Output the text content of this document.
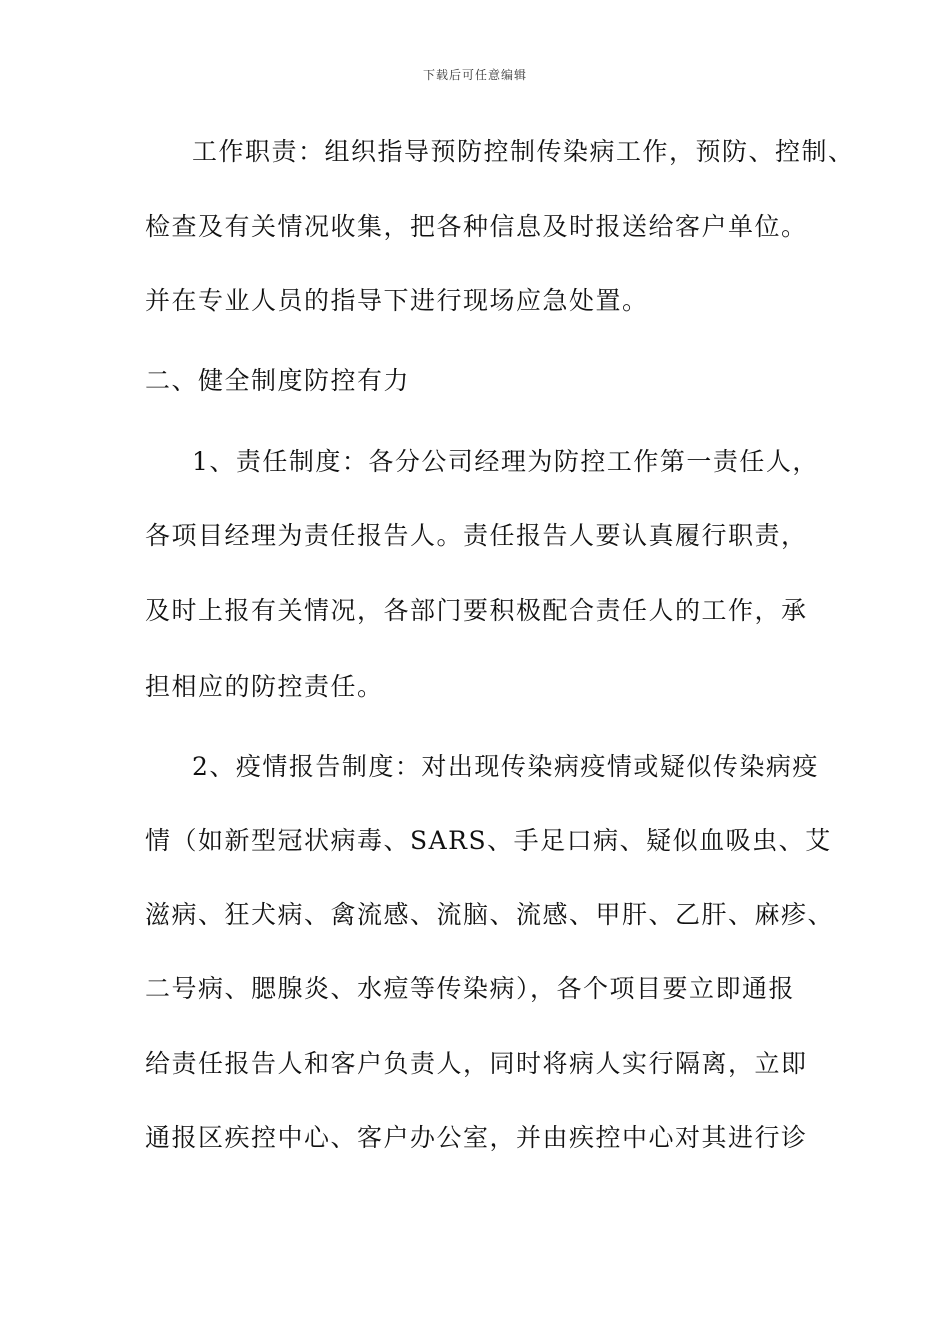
下载后可任意编辑
工作职责：组织指导预防控制传染病工作，预防、控制、
检查及有关情况收集，把各种信息及时报送给客户单位。
并在专业人员的指导下进行现场应急处置。
二、健全制度防控有力
1、责任制度：各分公司经理为防控工作第一责任人，
各项目经理为责任报告人。责任报告人要认真履行职责，
及时上报有关情况，各部门要积极配合责任人的工作，承
担相应的防控责任。
2、疫情报告制度：对出现传染病疫情或疑似传染病疫
情（如新型冠状病毒、SARS、手足口病、疑似血吸虫、艾
滋病、狂犬病、禽流感、流脑、流感、甲肝、乙肝、麻疹、
二号病、腮腺炎、水痘等传染病），各个项目要立即通报
给责任报告人和客户负责人，同时将病人实行隔离，立即
通报区疾控中心、客户办公室，并由疾控中心对其进行诊
